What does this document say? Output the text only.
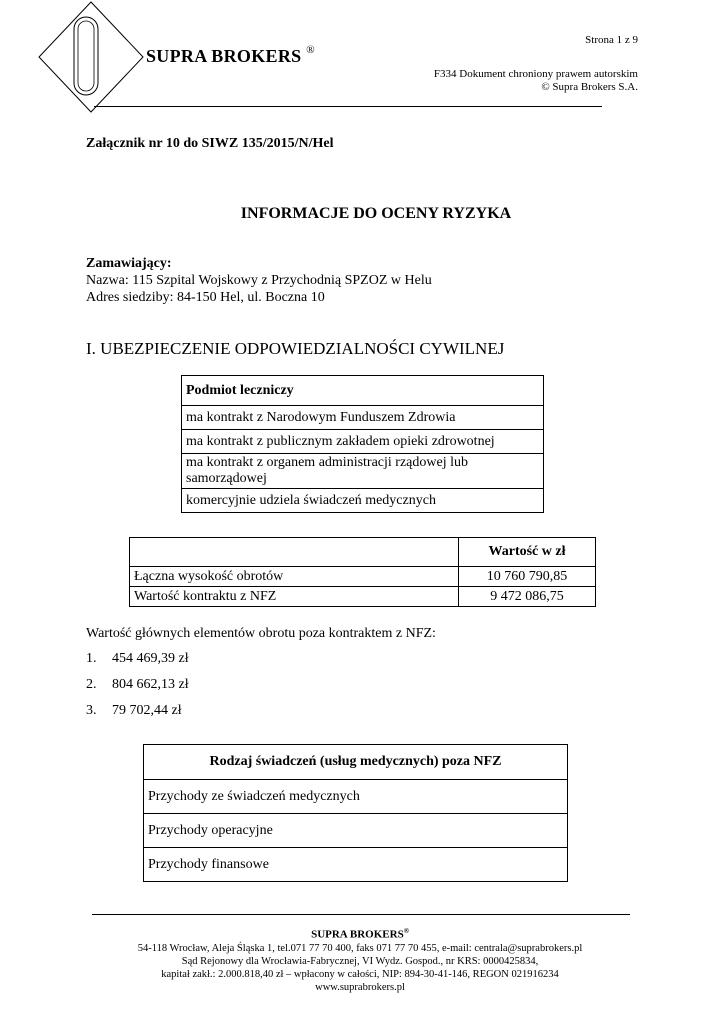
SUPRA BROKERS ®
Strona 1 z 9
F334 Dokument chroniony prawem autorskim
© Supra Brokers S.A.
Załącznik nr 10 do SIWZ 135/2015/N/Hel
INFORMACJE DO OCENY RYZYKA
Zamawiający:
Nazwa: 115 Szpital Wojskowy z Przychodnią SPZOZ w Helu
Adres siedziby: 84-150 Hel, ul. Boczna 10
I. UBEZPIECZENIE ODPOWIEDZIALNOŚCI CYWILNEJ
Podmiot leczniczy
ma kontrakt z Narodowym Funduszem Zdrowia
ma kontrakt z publicznym zakładem opieki zdrowotnej
ma kontrakt z organem administracji rządowej lub samorządowej
komercyjnie udziela świadczeń medycznych
	Wartość w zł
Łączna wysokość obrotów	10 760 790,85
Wartość kontraktu z NFZ	9 472 086,75
Wartość głównych elementów obrotu poza kontraktem z NFZ:
1. 454 469,39 zł
2. 804 662,13 zł
3. 79 702,44 zł
Rodzaj świadczeń (usług medycznych) poza NFZ
Przychody ze świadczeń medycznych
Przychody operacyjne
Przychody finansowe
SUPRA BROKERS®
54-118 Wrocław, Aleja Śląska 1, tel.071 77 70 400, faks 071 77 70 455, e-mail: centrala@suprabrokers.pl
Sąd Rejonowy dla Wrocławia-Fabrycznej, VI Wydz. Gospod., nr KRS: 0000425834,
kapitał zakł.: 2.000.818,40 zł – wpłacony w całości, NIP: 894-30-41-146, REGON 021916234
www.suprabrokers.pl
